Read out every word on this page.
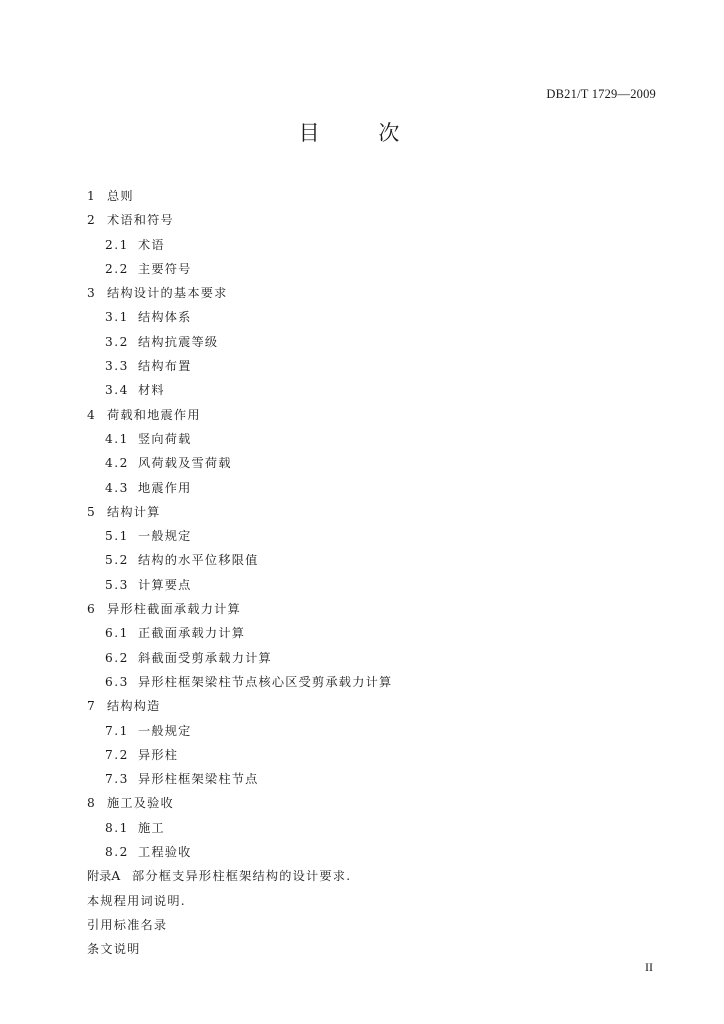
DB21/T 1729—2009
目 次
1	总则
2	术语和符号
2.1 术语
2.2 主要符号
3	结构设计的基本要求
3.1 结构体系
3.2 结构抗震等级
3.3 结构布置
3.4 材料
4	荷载和地震作用
4.1 竖向荷载
4.2 风荷载及雪荷载
4.3 地震作用
5	结构计算
5.1 一般规定
5.2 结构的水平位移限值
5.3 计算要点
6	异形柱截面承载力计算
6.1 正截面承载力计算
6.2 斜截面受剪承载力计算
6.3 异形柱框架梁柱节点核心区受剪承载力计算
7	结构构造
7.1 一般规定
7.2 异形柱
7.3 异形柱框架梁柱节点
8	施工及验收
8.1 施工
8.2 工程验收
附录A 部分框支异形柱框架结构的设计要求.
本规程用词说明.
引用标准名录
条文说明
II
